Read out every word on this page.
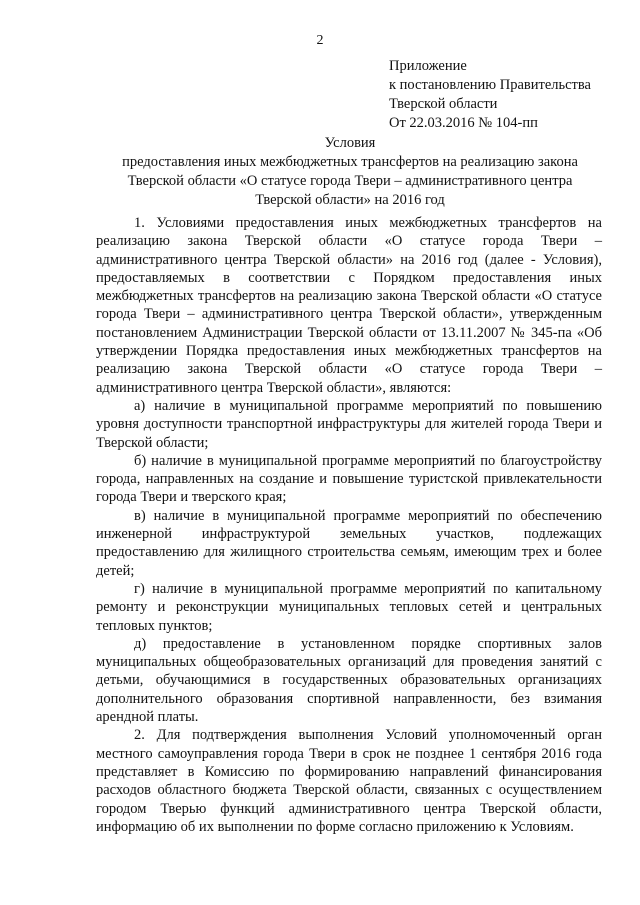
2
Приложение
к постановлению Правительства
Тверской области
От 22.03.2016 № 104-пп
Условия
предоставления иных межбюджетных трансфертов на реализацию закона
Тверской области «О статусе города Твери – административного центра
Тверской области» на 2016 год

1. Условиями предоставления иных межбюджетных трансфертов на реализацию закона Тверской области «О статусе города Твери – административного центра Тверской области» на 2016 год (далее - Условия), предоставляемых в соответствии с Порядком предоставления иных межбюджетных трансфертов на реализацию закона Тверской области «О статусе города Твери – административного центра Тверской области», утвержденным постановлением Администрации Тверской области от 13.11.2007 № 345-па «Об утверждении Порядка предоставления иных межбюджетных трансфертов на реализацию закона Тверской области «О статусе города Твери – административного центра Тверской области», являются:

а) наличие в муниципальной программе мероприятий по повышению уровня доступности транспортной инфраструктуры для жителей города Твери и Тверской области;

б) наличие в муниципальной программе мероприятий по благоустройству города, направленных на создание и повышение туристской привлекательности города Твери и тверского края;

в) наличие в муниципальной программе мероприятий по обеспечению инженерной инфраструктурой земельных участков, подлежащих предоставлению для жилищного строительства семьям, имеющим трех и более детей;

г) наличие в муниципальной программе мероприятий по капитальному ремонту и реконструкции муниципальных тепловых сетей и центральных тепловых пунктов;

д) предоставление в установленном порядке спортивных залов муниципальных общеобразовательных организаций для проведения занятий с детьми, обучающимися в государственных образовательных организациях дополнительного образования спортивной направленности, без взимания арендной платы.

2. Для подтверждения выполнения Условий уполномоченный орган местного самоуправления города Твери в срок не позднее 1 сентября 2016 года представляет в Комиссию по формированию направлений финансирования расходов областного бюджета Тверской области, связанных с осуществлением городом Тверью функций административного центра Тверской области, информацию об их выполнении по форме согласно приложению к Условиям.
